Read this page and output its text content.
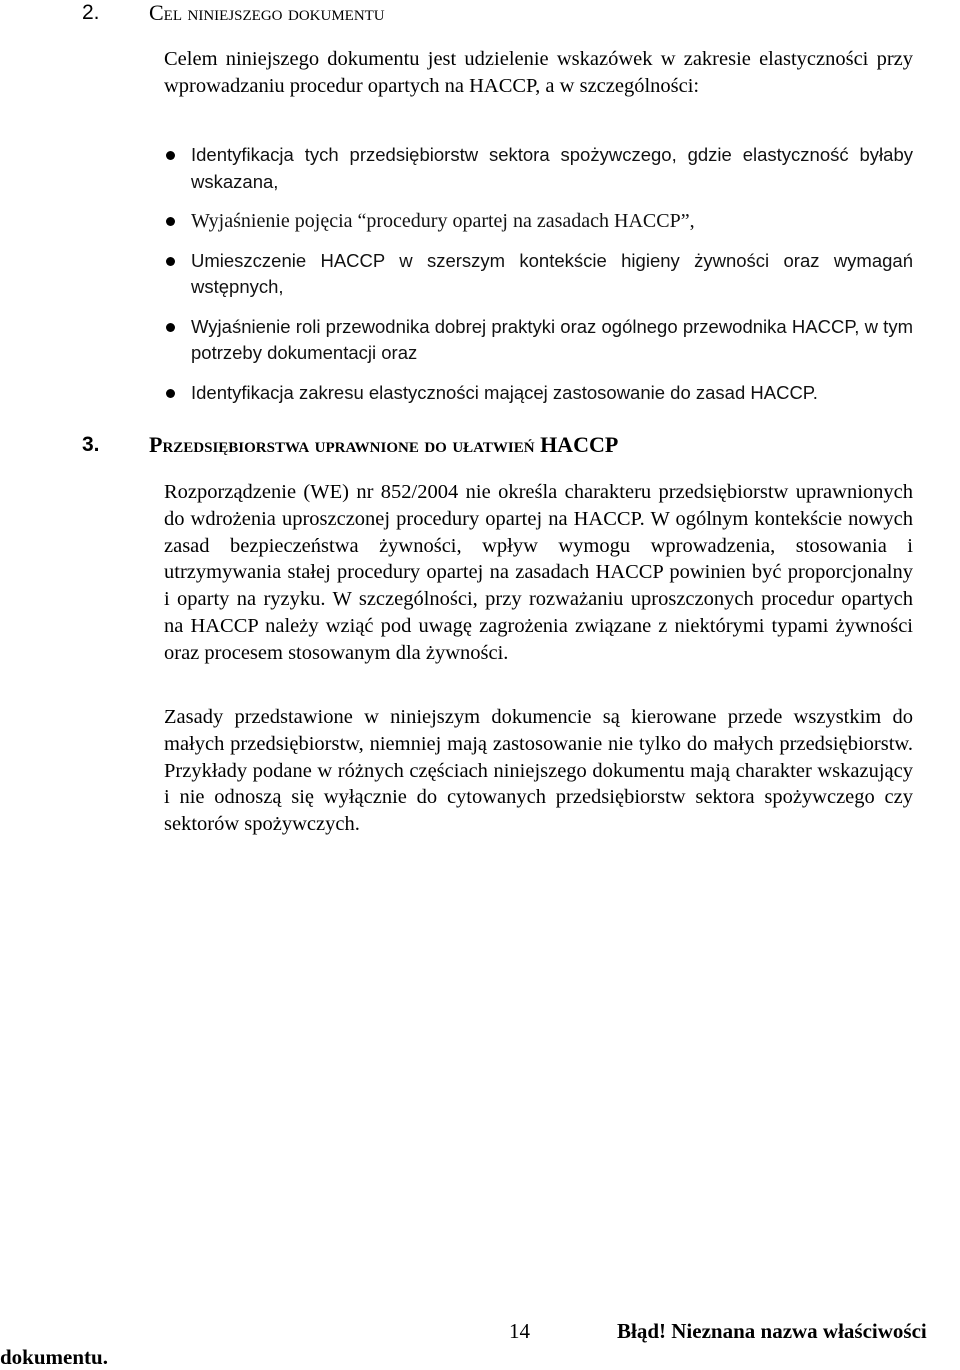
2. Cel niniejszego dokumentu

Celem niniejszego dokumentu jest udzielenie wskazówek w zakresie elastyczności przy wprowadzaniu procedur opartych na HACCP, a w szczególności:

Identyfikacja tych przedsiębiorstw sektora spożywczego, gdzie elastyczność byłaby wskazana,
Wyjaśnienie pojęcia “procedury opartej na zasadach HACCP”,
Umieszczenie HACCP w szerszym kontekście higieny żywności oraz wymagań wstępnych,
Wyjaśnienie roli przewodnika dobrej praktyki oraz ogólnego przewodnika HACCP, w tym potrzeby dokumentacji oraz
Identyfikacja zakresu elastyczności mającej zastosowanie do zasad HACCP.
3. Przedsiębiorstwa uprawnione do ułatwień HACCP

Rozporządzenie (WE) nr 852/2004 nie określa charakteru przedsiębiorstw uprawnionych do wdrożenia uproszczonej procedury opartej na HACCP. W ogólnym kontekście nowych zasad bezpieczeństwa żywności, wpływ wymogu wprowadzenia, stosowania i utrzymywania stałej procedury opartej na zasadach HACCP powinien być proporcjonalny i oparty na ryzyku. W szczególności, przy rozważaniu uproszczonych procedur opartych na HACCP należy wziąć pod uwagę zagrożenia związane z niektórymi typami żywności oraz procesem stosowanym dla żywności.

Zasady przedstawione w niniejszym dokumencie są kierowane przede wszystkim do małych przedsiębiorstw, niemniej mają zastosowanie nie tylko do małych przedsiębiorstw. Przykłady podane w różnych częściach niniejszego dokumentu mają charakter wskazujący i nie odnoszą się wyłącznie do cytowanych przedsiębiorstw sektora spożywczego czy sektorów spożywczych.

14	Błąd! Nieznana nazwa właściwości
dokumentu.
